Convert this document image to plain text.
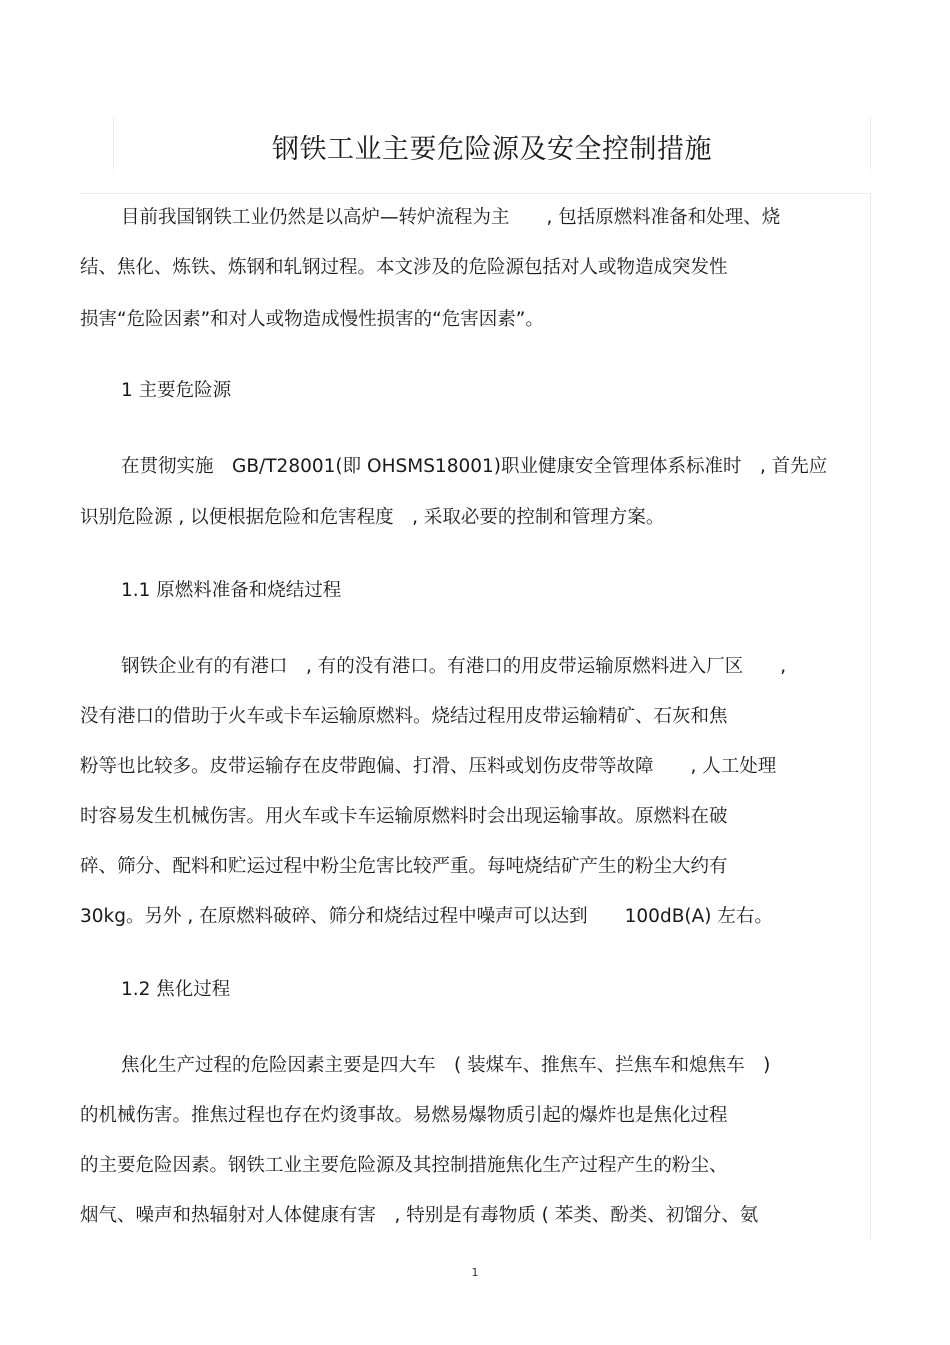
钢铁工业主要危险源及安全控制措施
目前我国钢铁工业仍然是以高炉—转炉流程为主　　, 包括原燃料准备和处理、烧
结、焦化、炼铁、炼钢和轧钢过程。本文涉及的危险源包括对人或物造成突发性
损害“危险因素”和对人或物造成慢性损害的“危害因素”。
1 主要危险源
在贯彻实施　GB/T28001(即 OHSMS18001)职业健康安全管理体系标准时　, 首先应
识别危险源 , 以便根据危险和危害程度　, 采取必要的控制和管理方案。
1.1 原燃料准备和烧结过程
钢铁企业有的有港口　, 有的没有港口。有港口的用皮带运输原燃料进入厂区　　,
没有港口的借助于火车或卡车运输原燃料。烧结过程用皮带运输精矿、石灰和焦
粉等也比较多。皮带运输存在皮带跑偏、打滑、压料或划伤皮带等故障　　, 人工处理
时容易发生机械伤害。用火车或卡车运输原燃料时会出现运输事故。原燃料在破
碎、筛分、配料和贮运过程中粉尘危害比较严重。每吨烧结矿产生的粉尘大约有
30kg。另外 , 在原燃料破碎、筛分和烧结过程中噪声可以达到　　100dB(A) 左右。
1.2 焦化过程
焦化生产过程的危险因素主要是四大车　( 装煤车、推焦车、拦焦车和熄焦车　)
的机械伤害。推焦过程也存在灼烫事故。易燃易爆物质引起的爆炸也是焦化过程
的主要危险因素。钢铁工业主要危险源及其控制措施焦化生产过程产生的粉尘、
烟气、噪声和热辐射对人体健康有害　, 特别是有毒物质 ( 苯类、酚类、初馏分、氨
1
